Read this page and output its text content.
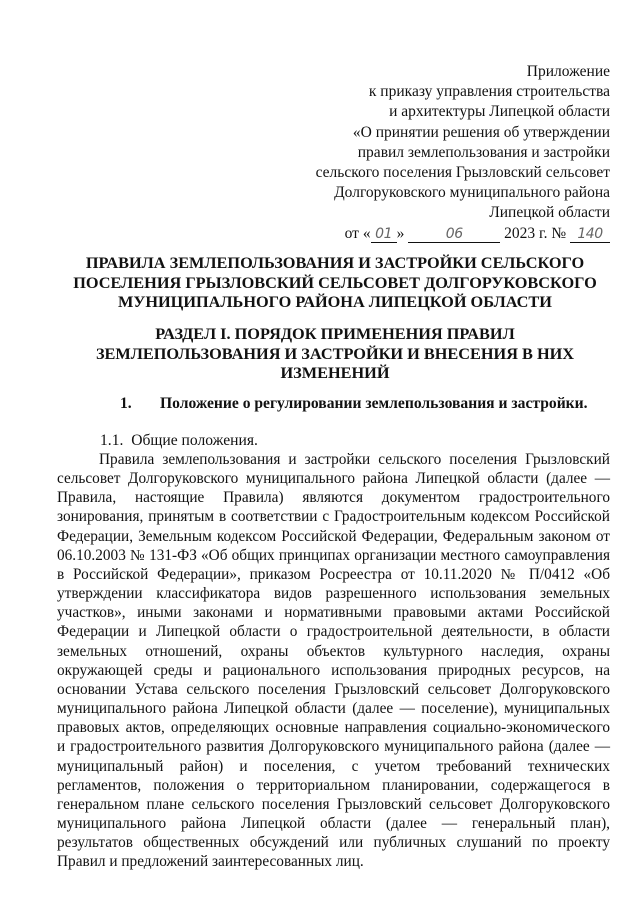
Приложение
к приказу управления строительства
и архитектуры Липецкой области
«О принятии решения об утверждении
правил землепользования и застройки
сельского поселения Грызловский сельсовет
Долгоруковского муниципального района
Липецкой области
от « 01 »	06	2023 г. № 140
ПРАВИЛА ЗЕМЛЕПОЛЬЗОВАНИЯ И ЗАСТРОЙКИ СЕЛЬСКОГО ПОСЕЛЕНИЯ ГРЫЗЛОВСКИЙ СЕЛЬСОВЕТ ДОЛГОРУКОВСКОГО МУНИЦИПАЛЬНОГО РАЙОНА ЛИПЕЦКОЙ ОБЛАСТИ
РАЗДЕЛ I. ПОРЯДОК ПРИМЕНЕНИЯ ПРАВИЛ ЗЕМЛЕПОЛЬЗОВАНИЯ И ЗАСТРОЙКИ И ВНЕСЕНИЯ В НИХ ИЗМЕНЕНИЙ
1. Положение о регулировании землепользования и застройки.
1.1. Общие положения.

Правила землепользования и застройки сельского поселения Грызловский сельсовет Долгоруковского муниципального района Липецкой области (далее — Правила, настоящие Правила) являются документом градостроительного зонирования, принятым в соответствии с Градостроительным кодексом Российской Федерации, Земельным кодексом Российской Федерации, Федеральным законом от 06.10.2003 № 131-ФЗ «Об общих принципах организации местного самоуправления в Российской Федерации», приказом Росреестра от 10.11.2020 № П/0412 «Об утверждении классификатора видов разрешенного использования земельных участков», иными законами и нормативными правовыми актами Российской Федерации и Липецкой области о градостроительной деятельности, в области земельных отношений, охраны объектов культурного наследия, охраны окружающей среды и рационального использования природных ресурсов, на основании Устава сельского поселения Грызловский сельсовет Долгоруковского муниципального района Липецкой области (далее — поселение), муниципальных правовых актов, определяющих основные направления социально-экономического и градостроительного развития Долгоруковского муниципального района (далее — муниципальный район) и поселения, с учетом требований технических регламентов, положения о территориальном планировании, содержащегося в генеральном плане сельского поселения Грызловский сельсовет Долгоруковского муниципального района Липецкой области (далее — генеральный план), результатов общественных обсуждений или публичных слушаний по проекту Правил и предложений заинтересованных лиц.
